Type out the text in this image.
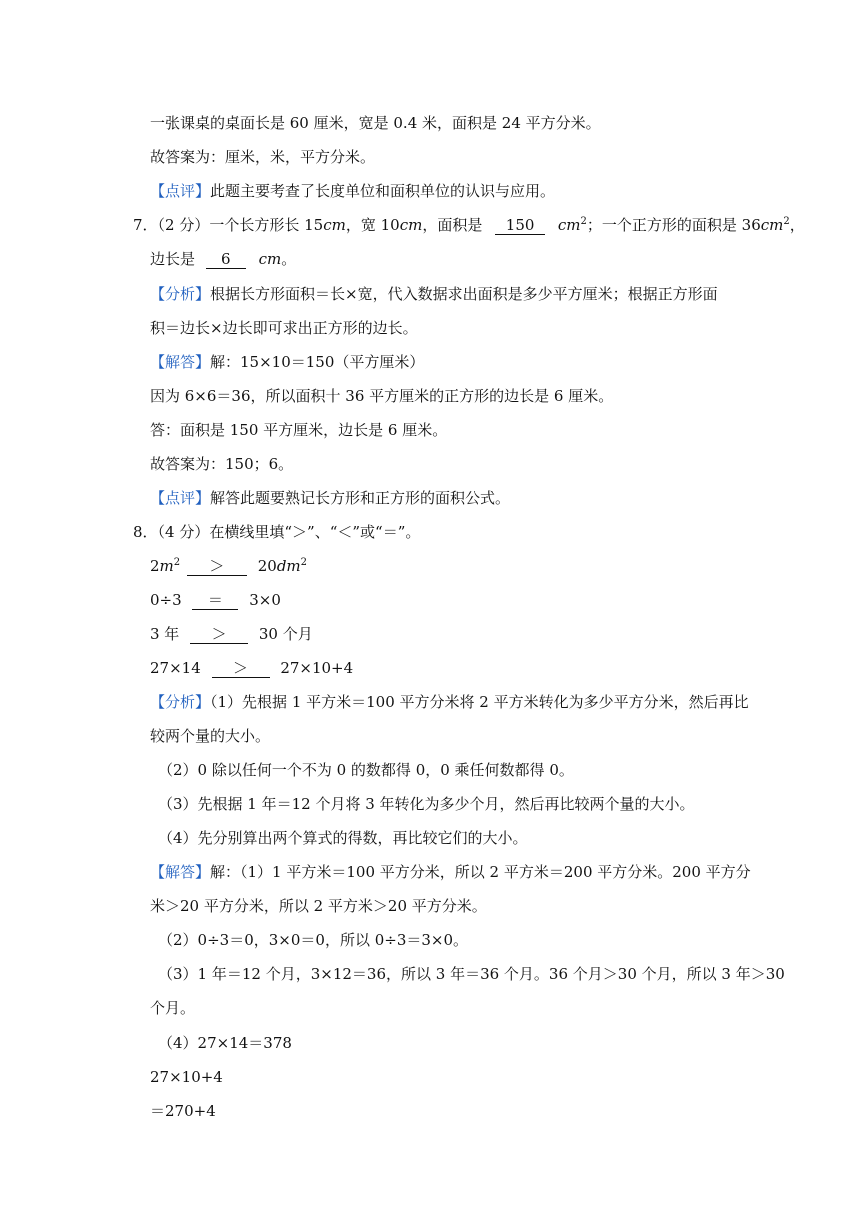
一张课桌的桌面长是 60 厘米，宽是 0.4 米，面积是 24 平方分米。
故答案为：厘米，米，平方分米。
【点评】此题主要考查了长度单位和面积单位的认识与应用。
7．（2 分）一个长方形长 15cm，宽 10cm，面积是 150 $cm^2$；一个正方形的面积是 $36cm^2$，
边长是 6 cm。
【分析】根据长方形面积＝长×宽，代入数据求出面积是多少平方厘米；根据正方形面
积＝边长×边长即可求出正方形的边长。
【解答】解：15×10＝150（平方厘米）
因为 6×6＝36，所以面积十 36 平方厘米的正方形的边长是 6 厘米。
答：面积是 150 平方厘米，边长是 6 厘米。
故答案为：150；6。
【点评】解答此题要熟记长方形和正方形的面积公式。
8．（4 分）在横线里填“＞”、“＜”或“＝”。
$2m^2 > 20dm^2$
0÷3 ＝ 3×0
3 年 ＞ 30 个月
27×14 ＞ 27×10+4
【分析】（1）先根据 1 平方米＝100 平方分米将 2 平方米转化为多少平方分米，然后再比
较两个量的大小。
（2）0 除以任何一个不为 0 的数都得 0，0 乘任何数都得 0。
（3）先根据 1 年＝12 个月将 3 年转化为多少个月，然后再比较两个量的大小。
（4）先分别算出两个算式的得数，再比较它们的大小。
【解答】解：（1）1 平方米＝100 平方分米，所以 2 平方米＝200 平方分米。200 平方分
米＞20 平方分米，所以 2 平方米＞20 平方分米。
（2）0÷3＝0，3×0＝0，所以 0÷3＝3×0。
（3）1 年＝12 个月，3×12＝36，所以 3 年＝36 个月。36 个月＞30 个月，所以 3 年＞30
个月。
（4）27×14＝378
27×10+4
＝270+4
